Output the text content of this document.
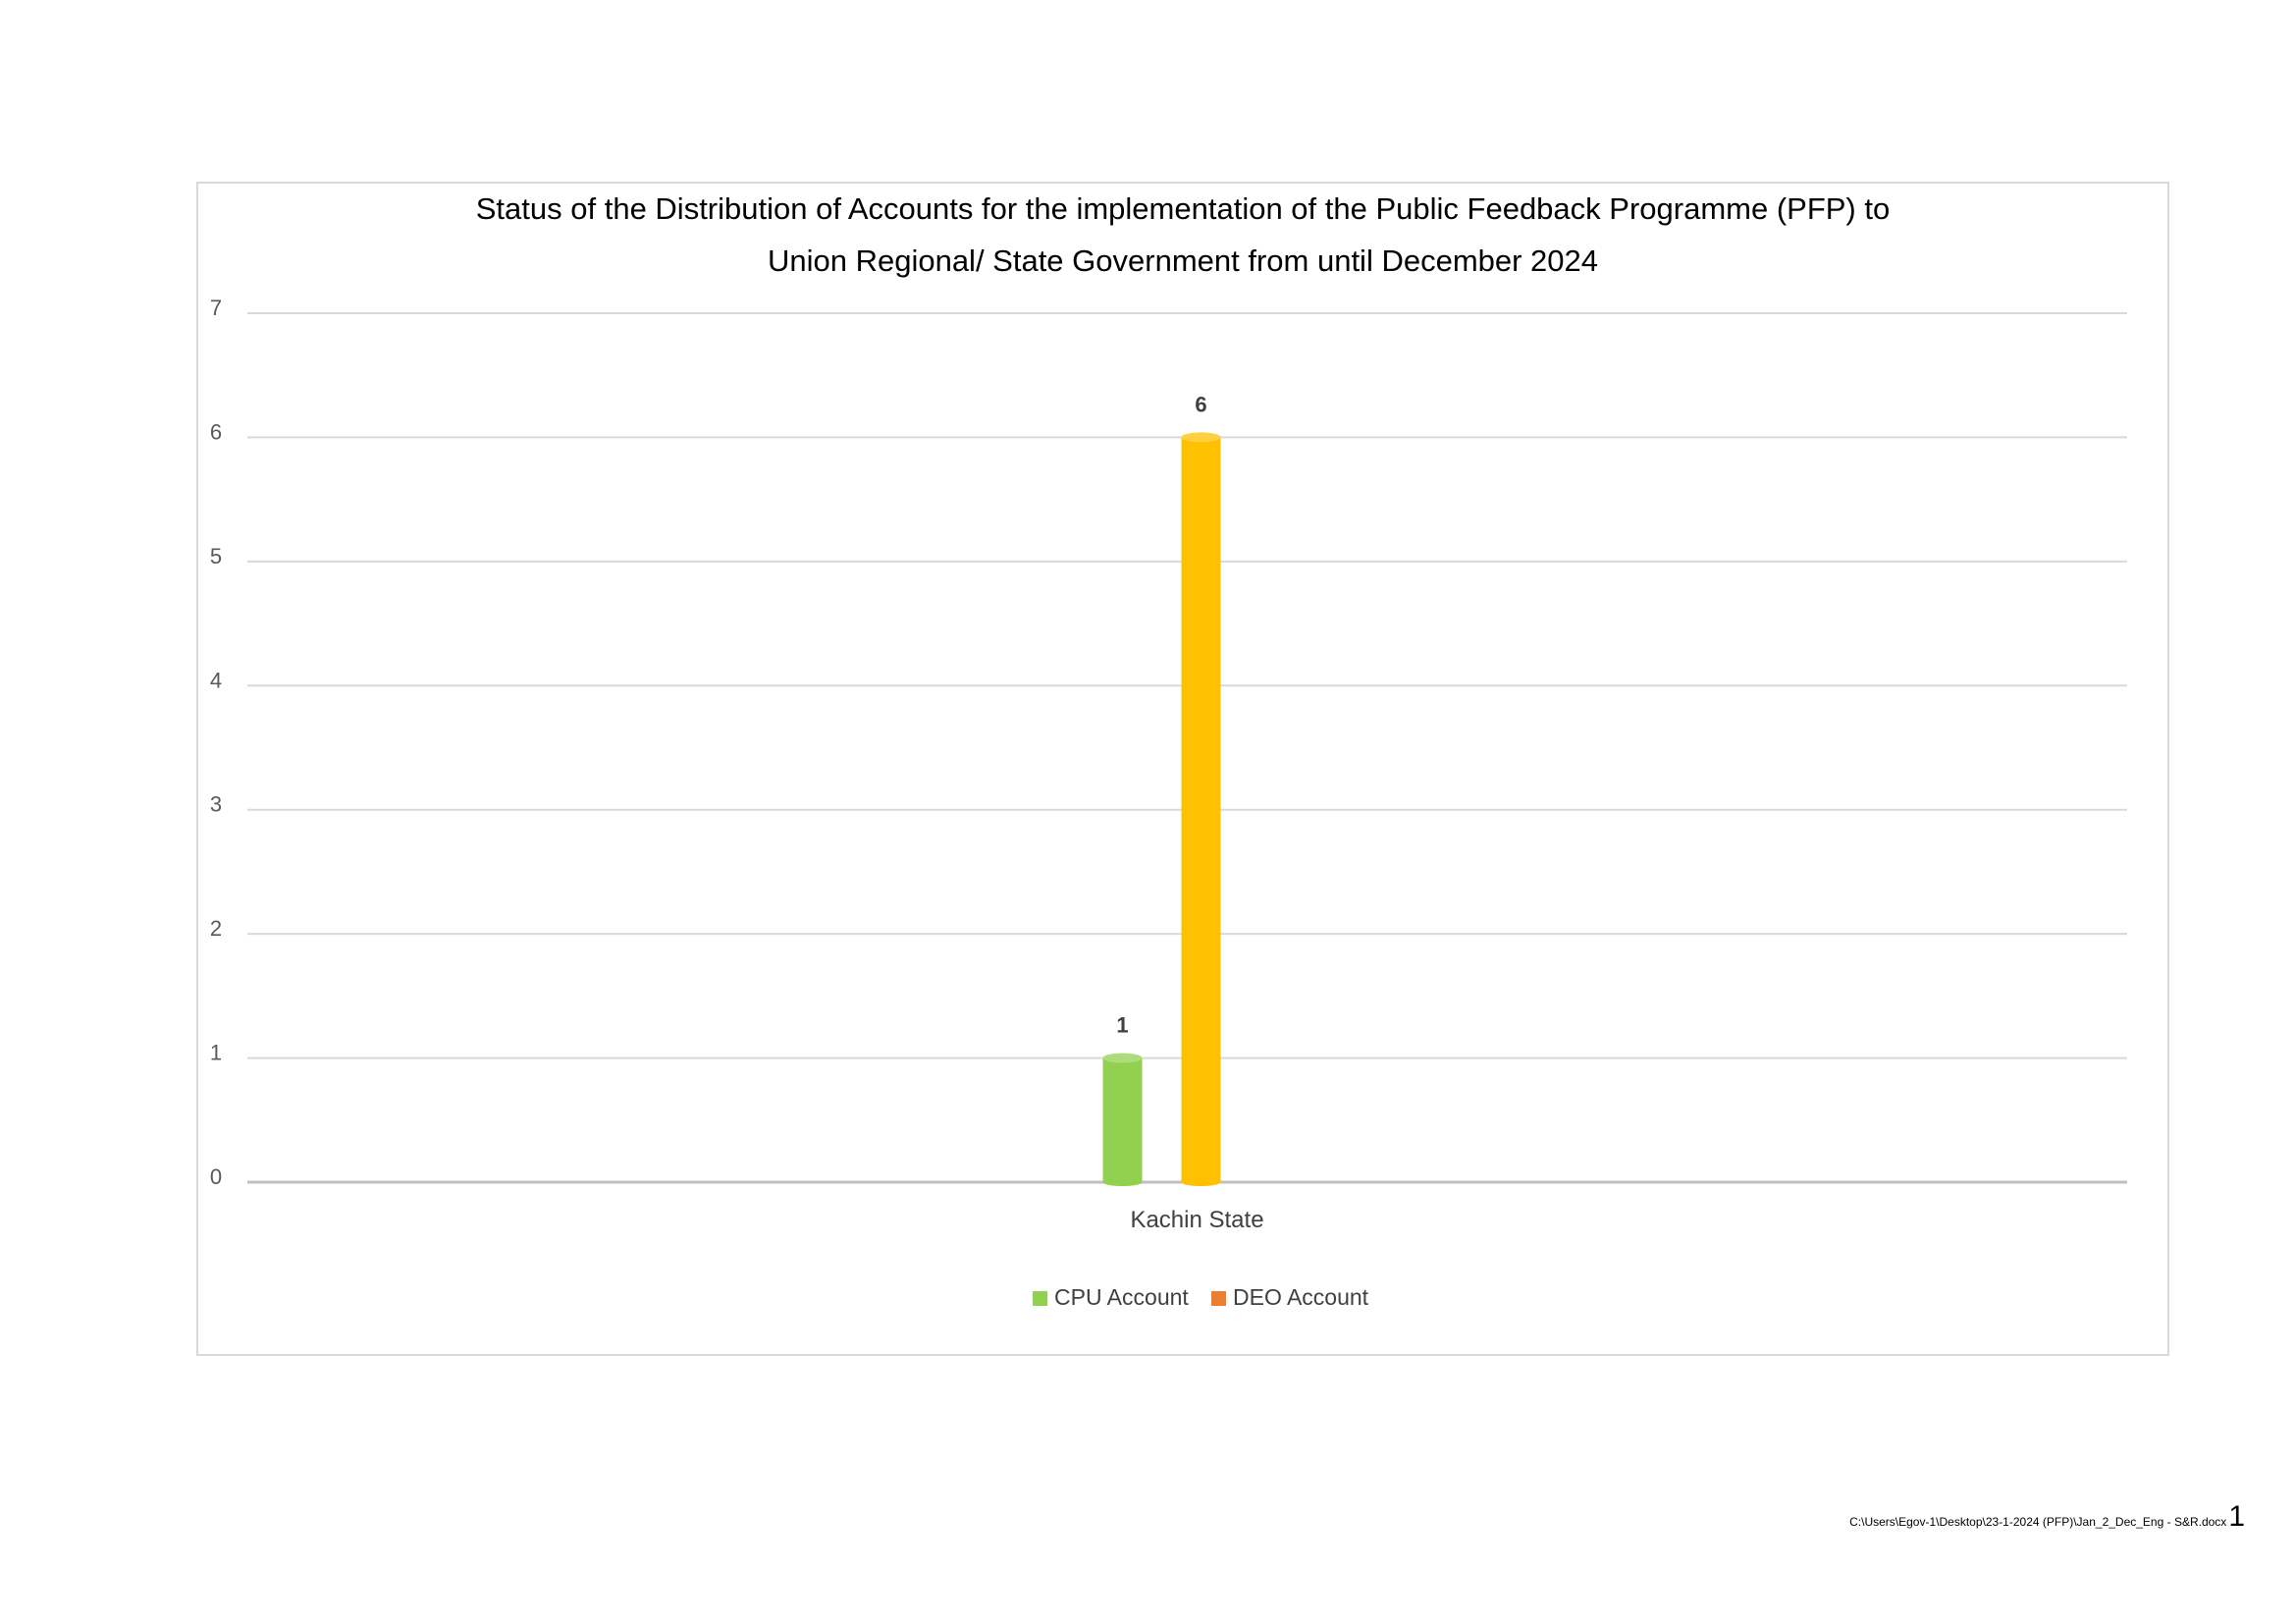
Status of the Distribution of Accounts for the implementation of the Public Feedback Programme (PFP) to
Union Regional/ State Government from until December 2024
0
1
2
3
4
5
6
7
1
6
Kachin State
CPU Account DEO Account
C:\Users\Egov-1\Desktop\23-1-2024 (PFP)\Jan_2_Dec_Eng - S&R.docx1
